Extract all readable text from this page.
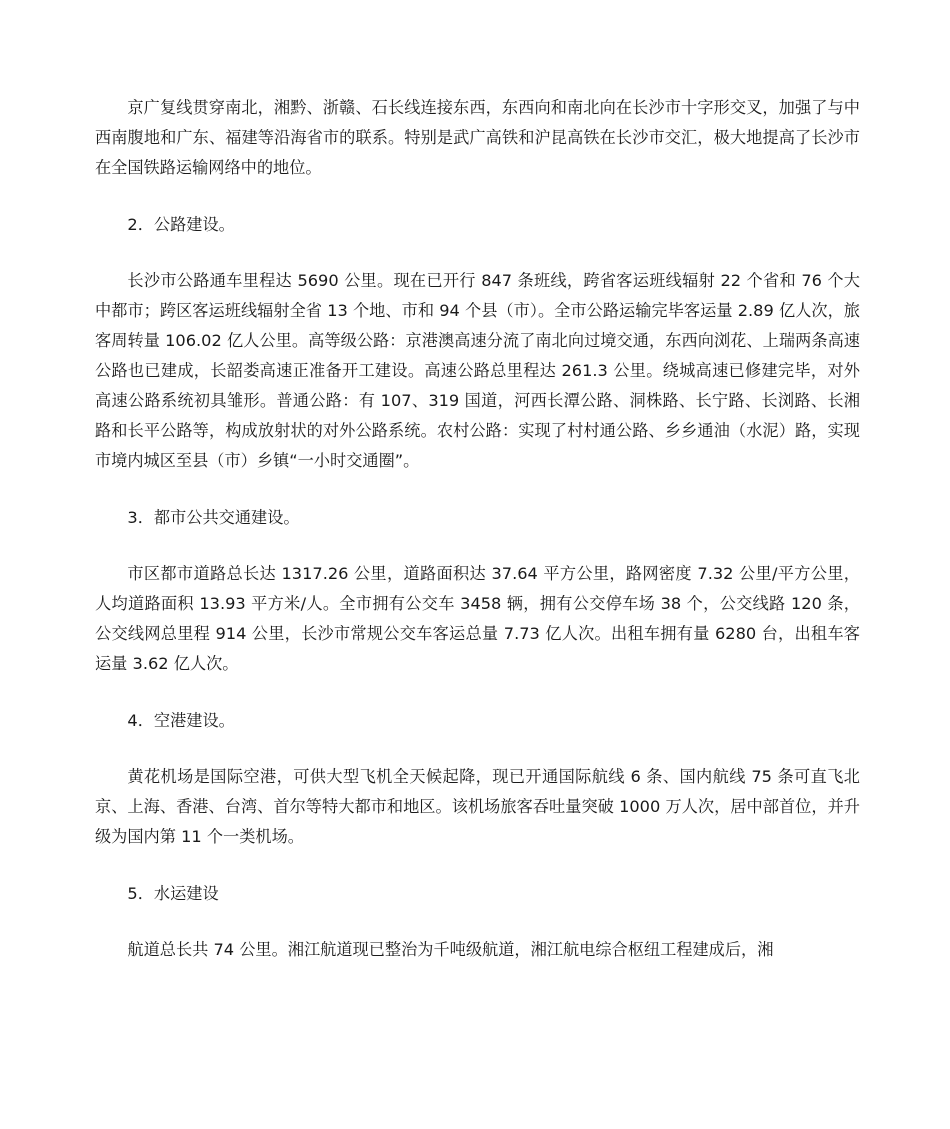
京广复线贯穿南北，湘黔、浙赣、石长线连接东西，东西向和南北向在长沙市十字形交叉，加强了与中西南腹地和广东、福建等沿海省市的联系。特别是武广高铁和沪昆高铁在长沙市交汇，极大地提高了长沙市在全国铁路运输网络中的地位。

2．公路建设。

长沙市公路通车里程达 5690 公里。现在已开行 847 条班线，跨省客运班线辐射 22 个省和 76 个大中都市；跨区客运班线辐射全省 13 个地、市和 94 个县（市）。全市公路运输完毕客运量 2.89 亿人次，旅客周转量 106.02 亿人公里。高等级公路：京港澳高速分流了南北向过境交通，东西向浏花、上瑞两条高速公路也已建成，长韶娄高速正准备开工建设。高速公路总里程达 261.3 公里。绕城高速已修建完毕，对外高速公路系统初具雏形。普通公路：有 107、319 国道，河西长潭公路、洞株路、长宁路、长浏路、长湘路和长平公路等，构成放射状的对外公路系统。农村公路：实现了村村通公路、乡乡通油（水泥）路，实现市境内城区至县（市）乡镇“一小时交通圈”。

3．都市公共交通建设。

市区都市道路总长达 1317.26 公里，道路面积达 37.64 平方公里，路网密度 7.32 公里/平方公里，人均道路面积 13.93 平方米/人。全市拥有公交车 3458 辆，拥有公交停车场 38 个，公交线路 120 条，公交线网总里程 914 公里，长沙市常规公交车客运总量 7.73 亿人次。出租车拥有量 6280 台，出租车客运量 3.62 亿人次。

4．空港建设。

黄花机场是国际空港，可供大型飞机全天候起降，现已开通国际航线 6 条、国内航线 75 条可直飞北京、上海、香港、台湾、首尔等特大都市和地区。该机场旅客吞吐量突破 1000 万人次，居中部首位，并升级为国内第 11 个一类机场。

5．水运建设

航道总长共 74 公里。湘江航道现已整治为千吨级航道，湘江航电综合枢纽工程建成后，湘
